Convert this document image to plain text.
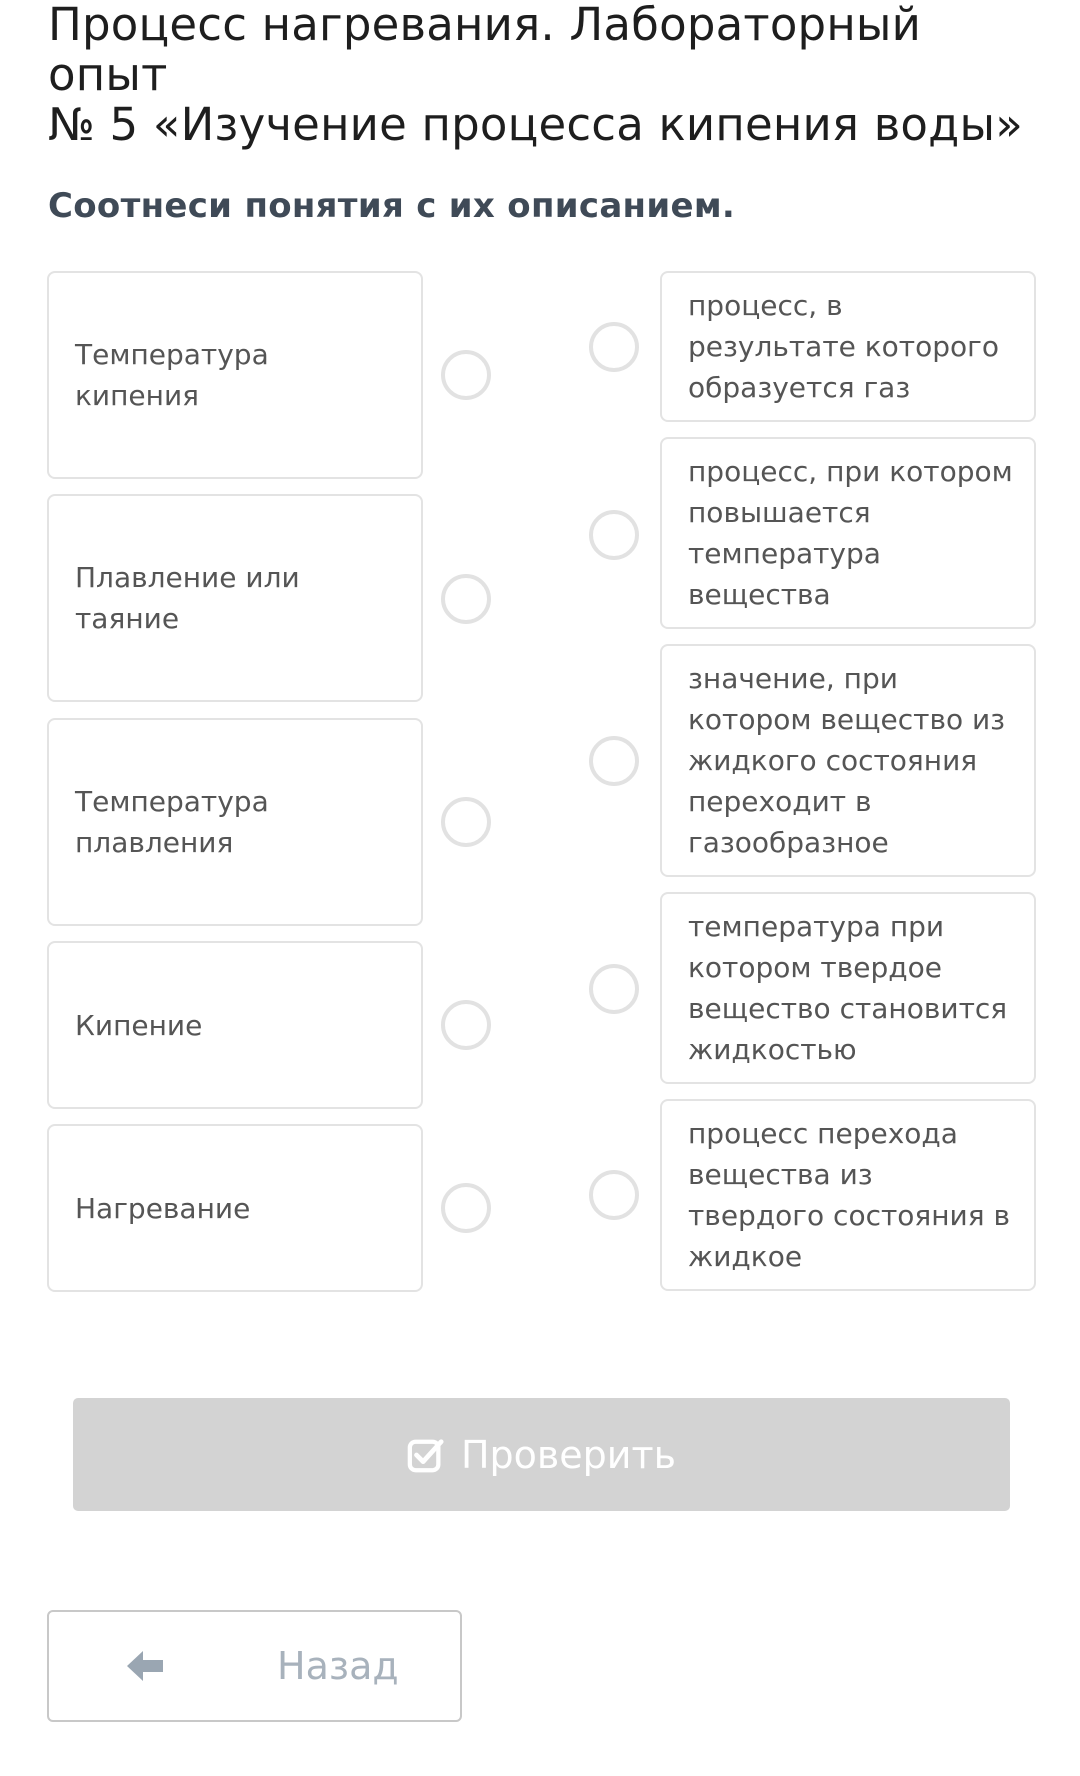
Процесс нагревания. Лабораторный опыт
№ 5 «Изучение процесса кипения воды»
Соотнеси понятия с их описанием.
Температура кипения
Плавление или таяние
Температура плавления
Кипение
Нагревание
процесс, в результате которого образуется газ
процесс, при котором повышается температура вещества
значение, при котором вещество из жидкого состояния переходит в газообразное
температура при котором твердое вещество становится жидкостью
процесс перехода вещества из твердого состояния в жидкое
Проверить
Назад
